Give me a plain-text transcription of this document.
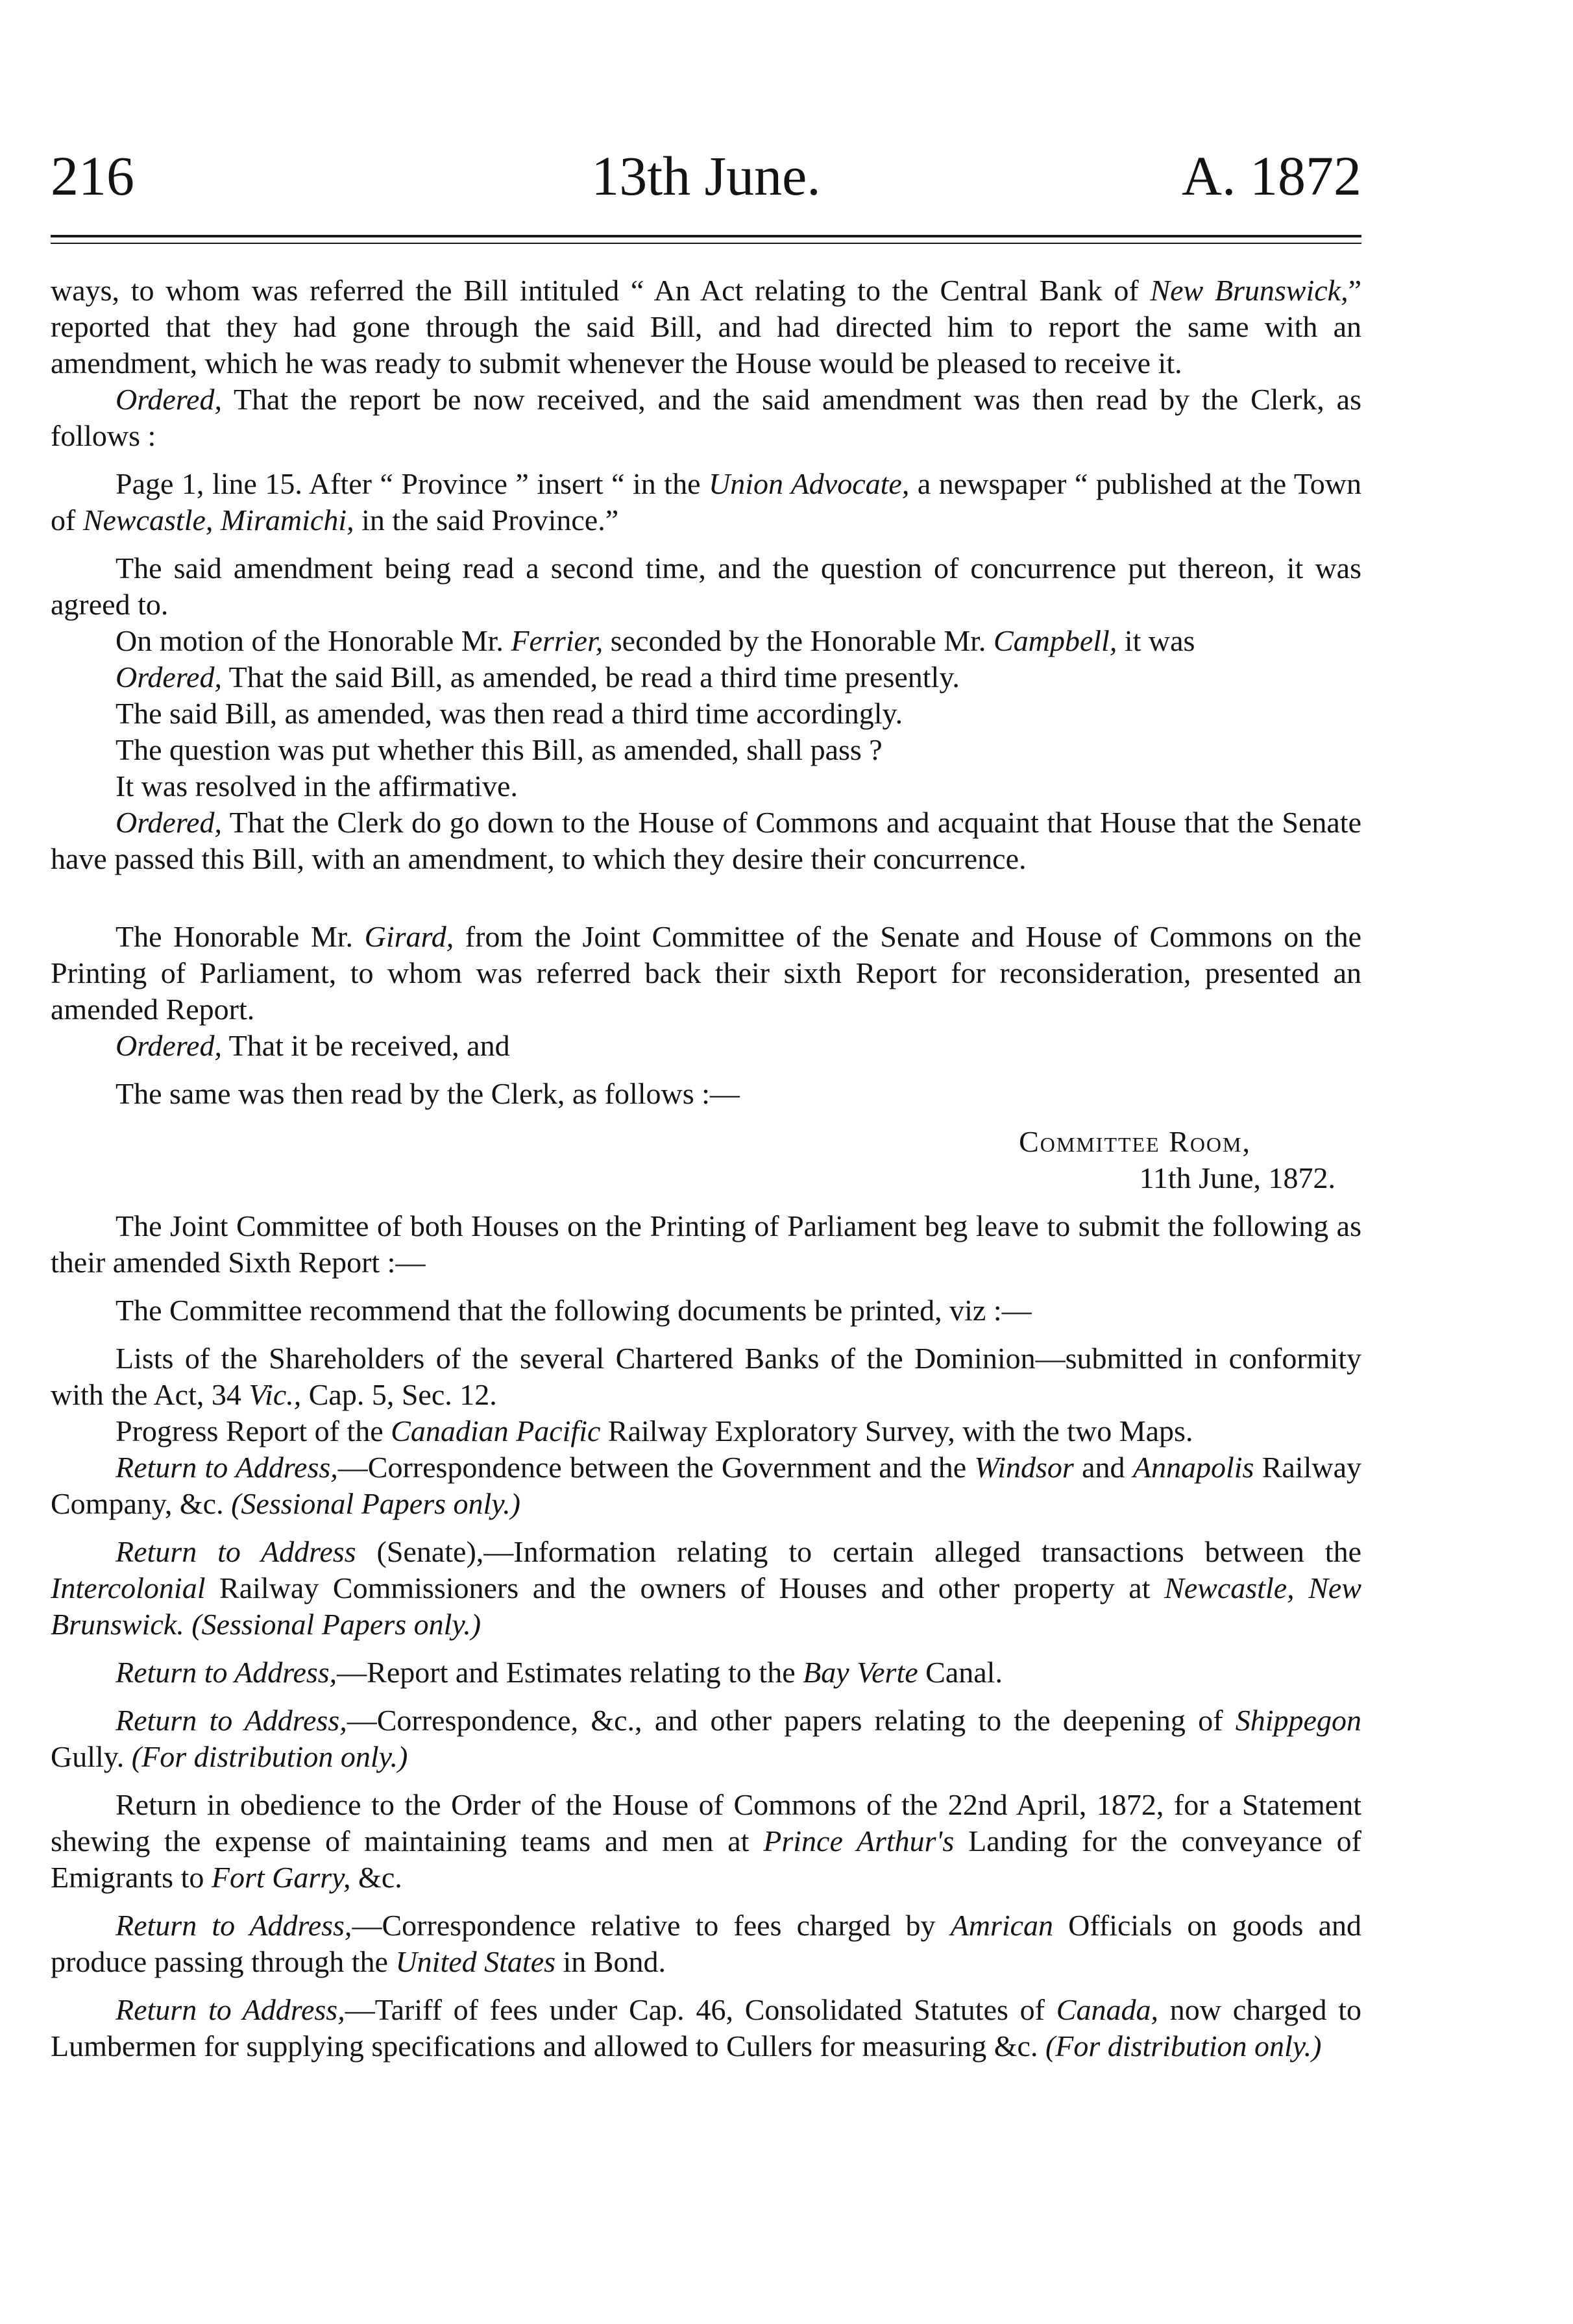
216	13th June.	A. 1872

ways, to whom was referred the Bill intituled “ An Act relating to the Central Bank of New Brunswick,” reported that they had gone through the said Bill, and had directed him to report the same with an amendment, which he was ready to submit whenever the House would be pleased to receive it.

Ordered, That the report be now received, and the said amendment was then read by the Clerk, as follows :

Page 1, line 15. After “ Province ” insert “ in the Union Advocate, a newspaper “ published at the Town of Newcastle, Miramichi, in the said Province.”

The said amendment being read a second time, and the question of concurrence put thereon, it was agreed to.

On motion of the Honorable Mr. Ferrier, seconded by the Honorable Mr. Campbell, it was

Ordered, That the said Bill, as amended, be read a third time presently.

The said Bill, as amended, was then read a third time accordingly.

The question was put whether this Bill, as amended, shall pass ?

It was resolved in the affirmative.

Ordered, That the Clerk do go down to the House of Commons and acquaint that House that the Senate have passed this Bill, with an amendment, to which they desire their concurrence.

The Honorable Mr. Girard, from the Joint Committee of the Senate and House of Commons on the Printing of Parliament, to whom was referred back their sixth Report for reconsideration, presented an amended Report.

Ordered, That it be received, and

The same was then read by the Clerk, as follows :—

Committee Room,

11th June, 1872.

The Joint Committee of both Houses on the Printing of Parliament beg leave to submit the following as their amended Sixth Report :—

The Committee recommend that the following documents be printed, viz :—

Lists of the Shareholders of the several Chartered Banks of the Dominion—submitted in conformity with the Act, 34 Vic., Cap. 5, Sec. 12.

Progress Report of the Canadian Pacific Railway Exploratory Survey, with the two Maps.

Return to Address,—Correspondence between the Government and the Windsor and Annapolis Railway Company, &c. (Sessional Papers only.)

Return to Address (Senate),—Information relating to certain alleged transactions between the Intercolonial Railway Commissioners and the owners of Houses and other property at Newcastle, New Brunswick. (Sessional Papers only.)

Return to Address,—Report and Estimates relating to the Bay Verte Canal.

Return to Address,—Correspondence, &c., and other papers relating to the deepening of Shippegon Gully. (For distribution only.)

Return in obedience to the Order of the House of Commons of the 22nd April, 1872, for a Statement shewing the expense of maintaining teams and men at Prince Arthur's Landing for the conveyance of Emigrants to Fort Garry, &c.

Return to Address,—Correspondence relative to fees charged by Amrican Officials on goods and produce passing through the United States in Bond.

Return to Address,—Tariff of fees under Cap. 46, Consolidated Statutes of Canada, now charged to Lumbermen for supplying specifications and allowed to Cullers for measuring &c. (For distribution only.)
